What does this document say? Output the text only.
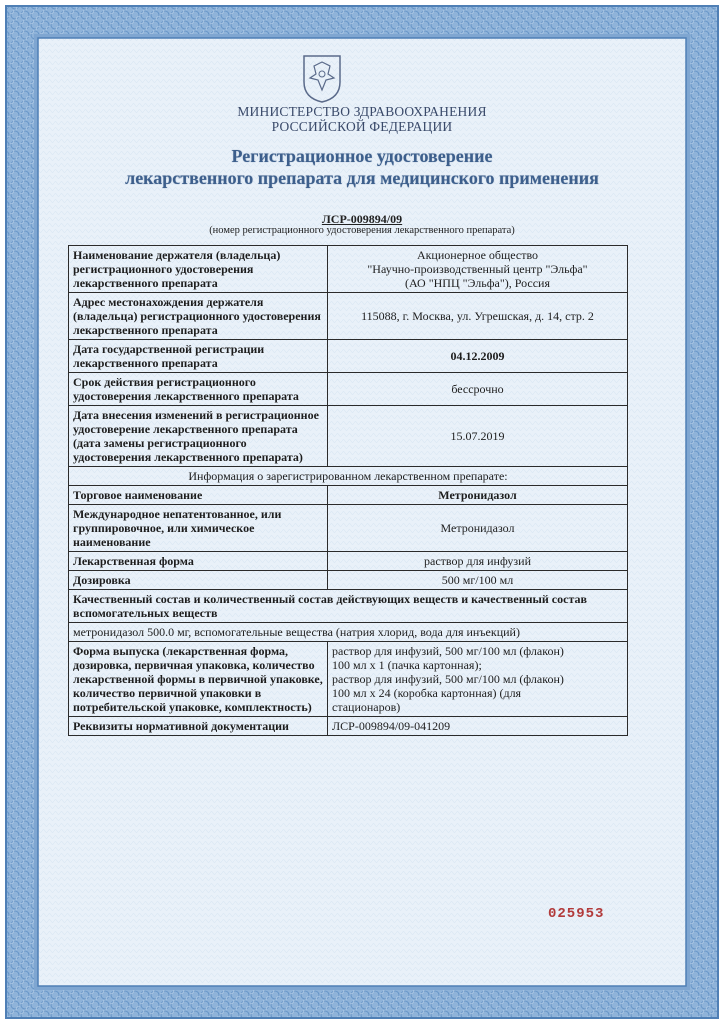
МИНИСТЕРСТВО ЗДРАВООХРАНЕНИЯ
РОССИЙСКОЙ ФЕДЕРАЦИИ
Регистрационное удостоверение
лекарственного препарата для медицинского применения
ЛСР-009894/09
(номер регистрационного удостоверения лекарственного препарата)
Наименование держателя (владельца) регистрационного удостоверения лекарственного препарата	Акционерное общество
"Научно-производственный центр "Эльфа"
(АО "НПЦ "Эльфа"), Россия

Адрес местонахождения держателя (владельца) регистрационного удостоверения лекарственного препарата	115088, г. Москва, ул. Угрешская, д. 14, стр. 2
Дата государственной регистрации лекарственного препарата	04.12.2009
Срок действия регистрационного удостоверения лекарственного препарата	бессрочно
Дата внесения изменений в регистрационное удостоверение лекарственного препарата (дата замены регистрационного удостоверения лекарственного препарата)	15.07.2019
Информация о зарегистрированном лекарственном препарате:	
Торговое наименование	Метронидазол
Международное непатентованное, или группировочное, или химическое наименование	Метронидазол
Лекарственная форма	раствор для инфузий
Дозировка	500 мг/100 мл
Качественный состав и количественный состав действующих веществ и качественный состав вспомогательных веществ	
метронидазол 500.0 мг, вспомогательные вещества (натрия хлорид, вода для инъекций)	
Форма выпуска (лекарственная форма, дозировка, первичная упаковка, количество лекарственной формы в первичной упаковке, количество первичной упаковки в потребительской упаковке, комплектность)	раствор для инфузий, 500 мг/100 мл (флакон)
100 мл x 1 (пачка картонная);
раствор для инфузий, 500 мг/100 мл (флакон)
100 мл x 24 (коробка картонная) (для
стационаров)

Реквизиты нормативной документации	ЛСР-009894/09-041209
025953
